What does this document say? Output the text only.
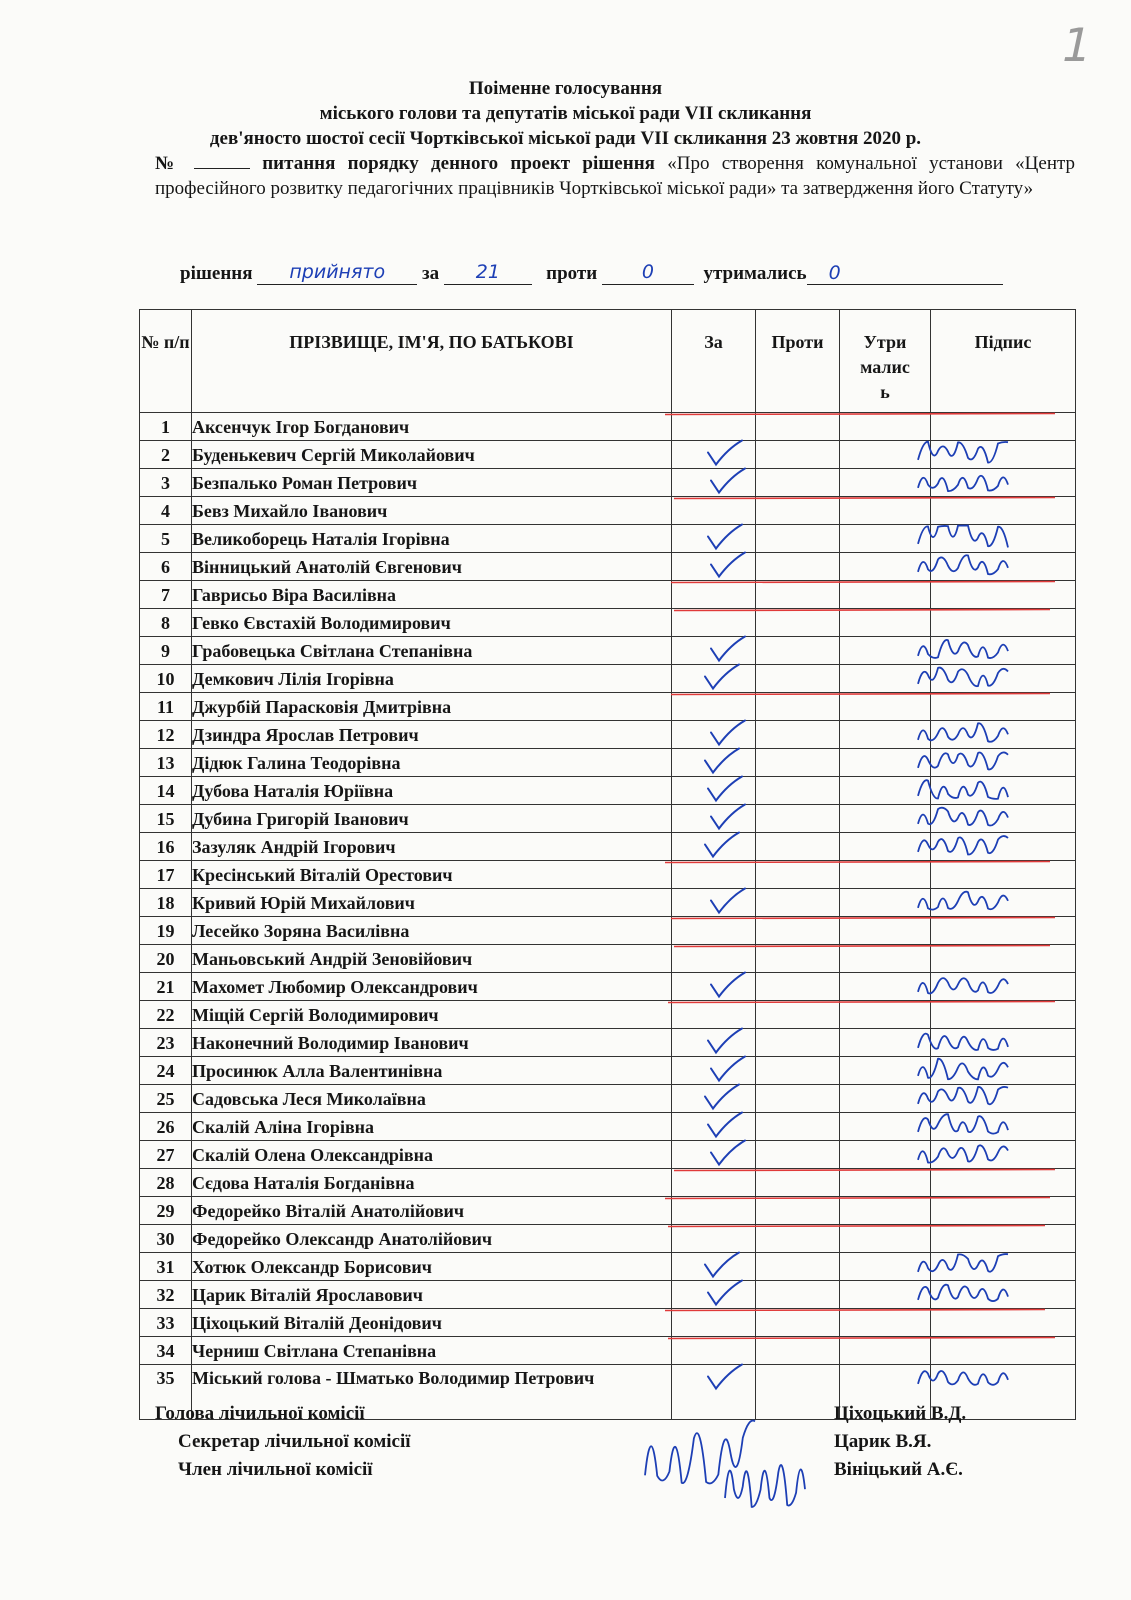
1
Поіменне голосування
міського голови та депутатів міської ради VII скликання
дев'яносто шостої сесії Чортківської міської ради VII скликання 23 жовтня 2020 р.
№	питання порядку денного проект рішення «Про створення комунальної установи «Центр професійного розвитку педагогічних працівників Чортківської міської ради» та затвердження його Статуту»
рішення прийнято за 21 проти 0	утримались 0
№ п/п	ПРІЗВИЩЕ, ІМ'Я, ПО БАТЬКОВІ	За	Проти	Утримались	Підпис
1	Аксенчук Ігор Богданович				
2	Буденькевич Сергій Миколайович				
3	Безпалько Роман Петрович				
4	Бевз Михайло Іванович				
5	Великоборець Наталія Ігорівна				
6	Вінницький Анатолій Євгенович				
7	Гаврисьо Віра Василівна				
8	Гевко Євстахій Володимирович				
9	Грабовецька Світлана Степанівна				
10	Демкович Лілія Ігорівна				
11	Джурбій Парасковія Дмитрівна				
12	Дзиндра Ярослав Петрович				
13	Дідюк Галина Теодорівна				
14	Дубова Наталія Юріївна				
15	Дубина Григорій Іванович				
16	Зазуляк Андрій Ігорович				
17	Кресінський Віталій Орестович				
18	Кривий Юрій Михайлович				
19	Лесейко Зоряна Василівна				
20	Маньовський Андрій Зеновійович				
21	Махомет Любомир Олександрович				
22	Міщій Сергій Володимирович				
23	Наконечний Володимир Іванович				
24	Просинюк Алла Валентинівна				
25	Садовська Леся Миколаївна				
26	Скалій Аліна Ігорівна				
27	Скалій Олена Олександрівна				
28	Сєдова Наталія Богданівна				
29	Федорейко Віталій Анатолійович				
30	Федорейко Олександр Анатолійович				
31	Хотюк Олександр Борисович				
32	Царик Віталій Ярославович				
33	Ціхоцький Віталій Деонідович				
34	Черниш Світлана Степанівна				
35	Міський голова - Шматько Володимир Петрович				
Голова лічильної комісії
Секретар лічильної комісії
Член лічильної комісії
Ціхоцький В.Д.
Царик В.Я.
Вініцький А.Є.
